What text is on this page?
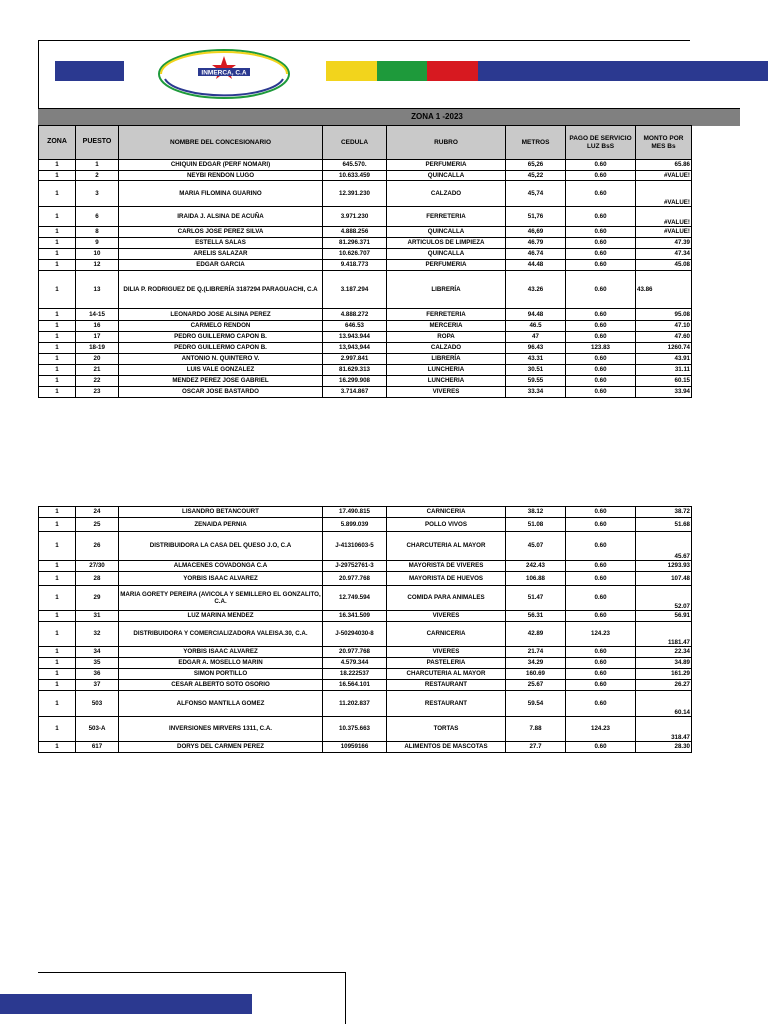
INMERCA, C.A
ZONA 1 -2023
ZONA	PUESTO	NOMBRE DEL CONCESIONARIO	CEDULA	RUBRO	METROS	PAGO DE SERVICIO LUZ BsS	MONTO POR MES Bs
1	1	CHIQUIN EDGAR (PERF NOMARI)	645.570.	PERFUMERIA	65,26	0.60	65.86
1	2	NEYBI RENDON LUGO	10.633.459	QUINCALLA	45,22	0.60	#VALUE!
1	3	MARIA FILOMINA GUARINO	12.391.230	CALZADO	45,74	0.60	#VALUE!
1	6	IRAIDA J. ALSINA DE ACUÑA	3.971.230	FERRETERIA	51,76	0.60	#VALUE!
1	8	CARLOS JOSE PEREZ SILVA	4.888.256	QUINCALLA	46,69	0.60	#VALUE!
1	9	ESTELLA SALAS	81.296.371	ARTICULOS DE LIMPIEZA	46.79	0.60	47.39
1	10	ARELIS SALAZAR	10.626.707	QUINCALLA	46.74	0.60	47.34
1	12	EDGAR GARCIA	9.418.773	PERFUMERIA	44.48	0.60	45.08
1	13	DILIA P. RODRIGUEZ DE Q.(LIBRERÍA 3187294 PARAGUACHI, C.A	3.187.294	LIBRERÍA	43.26	0.60	43.86
1	14-15	LEONARDO JOSE ALSINA PEREZ	4.888.272	FERRETERIA	94.48	0.60	95.08
1	16	CARMELO RENDON	646.53	MERCERIA	46.5	0.60	47.10
1	17	PEDRO GUILLERMO CAPON B.	13.943.944	ROPA	47	0.60	47.60
1	18-19	PEDRO GUILLERMO CAPON B.	13,943,944	CALZADO	96.43	123.83	1260.74
1	20	ANTONIO N. QUINTERO V.	2.997.841	LIBRERÍA	43.31	0.60	43.91
1	21	LUIS VALE GONZALEZ	81.629.313	LUNCHERIA	30.51	0.60	31.11
1	22	MENDEZ PEREZ JOSE GABRIEL	16.299.908	LUNCHERIA	59.55	0.60	60.15
1	23	OSCAR JOSE BASTARDO	3.714.867	VIVERES	33.34	0.60	33.94
1	24	LISANDRO BETANCOURT	17.490.815	CARNICERIA	38.12	0.60	38.72
1	25	ZENAIDA PERNIA	5.899.039	POLLO VIVOS	51.08	0.60	51.68
1	26	DISTRIBUIDORA LA CASA DEL QUESO J.O, C.A	J-41310603-5	CHARCUTERIA AL MAYOR	45.07	0.60	45.67
1	27/30	ALMACENES COVADONGA C.A	J-29752761-3	MAYORISTA DE VIVERES	242.43	0.60	1293.93
1	28	YORBIS ISAAC ALVAREZ	20.977.768	MAYORISTA DE HUEVOS	106.88	0.60	107.48
1	29	MARIA GORETY PEREIRA (AVICOLA Y SEMILLERO EL GONZALITO, C.A.	12.749.594	COMIDA PARA ANIMALES	51.47	0.60	52.07
1	31	LUZ MARINA MENDEZ	16.341.509	VIVERES	56.31	0.60	56.91
1	32	DISTRIBUIDORA Y COMERCIALIZADORA VALEISA.30, C.A.	J-50294030-8	CARNICERIA	42.89	124.23	1181.47
1	34	YORBIS ISAAC ALVAREZ	20.977.768	VIVERES	21.74	0.60	22.34
1	35	EDGAR A. MOSELLO MARIN	4.579.344	PASTELERIA	34.29	0.60	34.89
1	36	SIMON PORTILLO	18.222537	CHARCUTERIA AL MAYOR	160.69	0.60	161.29
1	37	CESAR ALBERTO SOTO OSORIO	16.564.101	RESTAURANT	25.67	0.60	26.27
1	503	ALFONSO MANTILLA GOMEZ	11.202.837	RESTAURANT	59.54	0.60	60.14
1	503-A	INVERSIONES MIRVERS 1311, C.A.	10.375.663	TORTAS	7.88	124.23	318.47
1	617	DORYS DEL CARMEN PEREZ	10959166	ALIMENTOS DE MASCOTAS	27.7	0.60	28.30
